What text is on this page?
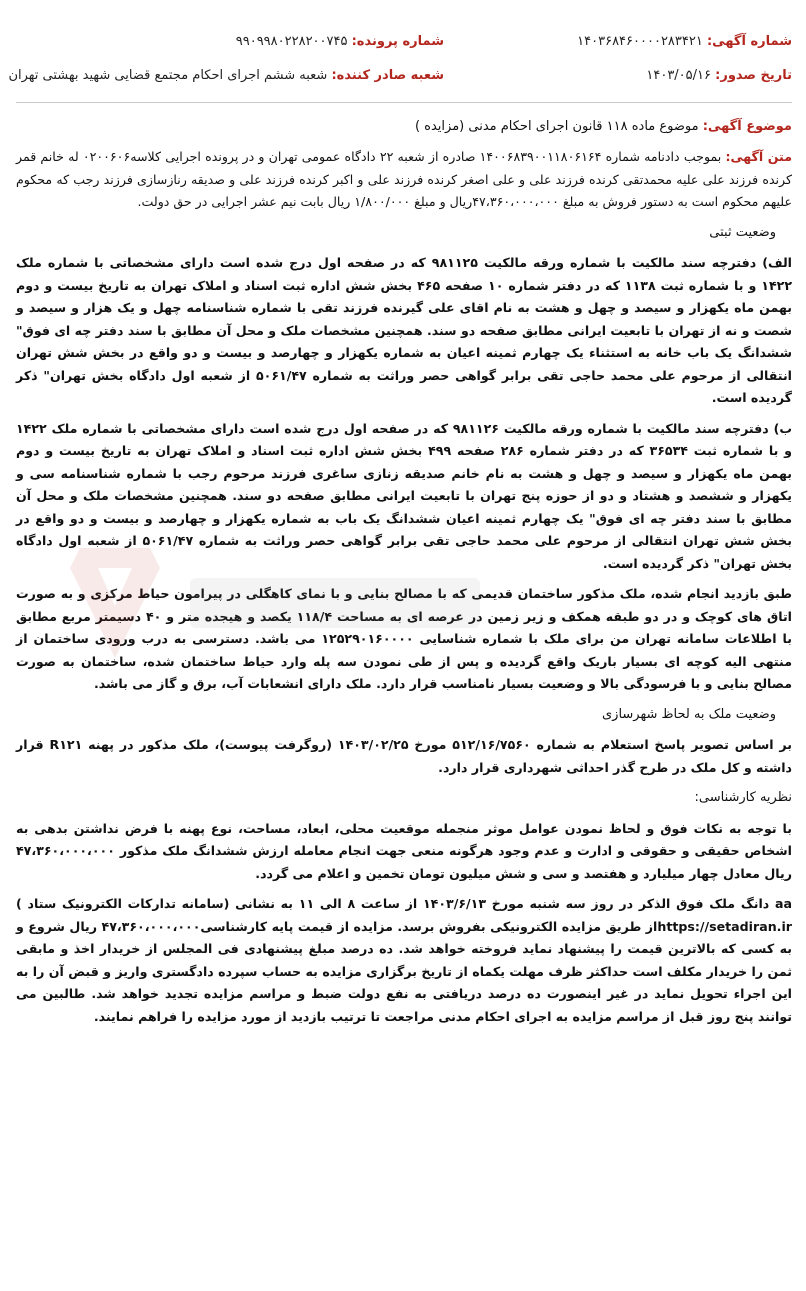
شماره آگهی: ۱۴۰۳۶۸۴۶۰۰۰۰۲۸۳۴۲۱
شماره پرونده: ۹۹۰۹۹۸۰۲۲۸۲۰۰۷۴۵
تاریخ صدور: ۱۴۰۳/۰۵/۱۶
شعبه صادر کننده: شعبه ششم اجرای احکام مجتمع قضایی شهید بهشتی تهران
موضوع آگهی: موضوع ماده ۱۱۸ قانون اجرای احکام مدنی (مزایده )

متن آگهی: بموجب دادنامه شماره ۱۴۰۰۶۸۳۹۰۰۱۱۸۰۶۱۶۴ صادره از شعبه ۲۲ دادگاه عمومی تهران و در پرونده اجرایی کلاسه۰۲۰۰۶۰۶ له خانم قمر کرنده فرزند علی علیه محمدتقی کرنده فرزند علی و علی اصغر کرنده فرزند علی و اکبر کرنده فرزند علی و صدیقه رنازسازی فرزند رجب که محکوم علیهم محکوم است به دستور فروش به مبلغ ۴۷،۳۶۰،۰۰۰،۰۰۰ریال و مبلغ ۱/۸۰۰/۰۰۰ ریال بابت نیم عشر اجرایی در حق دولت.

وضعیت ثبتی

الف) دفترچه سند مالکیت با شماره ورقه مالکیت ۹۸۱۱۲۵ که در صفحه اول درج شده است دارای مشخصاتی با شماره ملک ۱۴۲۲ و با شماره ثبت ۱۱۳۸ که در دفتر شماره ۱۰ صفحه ۴۶۵ بخش شش اداره ثبت اسناد و املاک تهران به تاریخ بیست و دوم بهمن ماه یکهزار و سیصد و چهل و هشت به نام اقای علی گیرنده فرزند تقی با شماره شناسنامه چهل و یک هزار و سیصد و شصت و نه از تهران با تابعیت ایرانی مطابق صفحه دو سند. همچنین مشخصات ملک و محل آن مطابق با سند دفتر چه ای فوق" ششدانگ یک باب خانه به استثناء یک چهارم ثمینه اعیان به شماره یکهزار و چهارصد و بیست و دو واقع در بخش شش تهران انتقالی از مرحوم علی محمد حاجی تقی برابر گواهی حصر وراثت به شماره ۵۰۶۱/۴۷ از شعبه اول دادگاه بخش تهران" ذکر گردیده است.

ب) دفترچه سند مالکیت با شماره ورقه مالکیت ۹۸۱۱۲۶ که در صفحه اول درج شده است دارای مشخصاتی با شماره ملک ۱۴۲۲ و با شماره ثبت ۳۶۵۳۴ که در دفتر شماره ۲۸۶ صفحه ۴۹۹ بخش شش اداره ثبت اسناد و املاک تهران به تاریخ بیست و دوم بهمن ماه یکهزار و سیصد و چهل و هشت به نام خانم صدیقه زنازی ساغری فرزند مرحوم رجب با شماره شناسنامه سی و یکهزار و ششصد و هشتاد و دو از حوزه پنج تهران با تابعیت ایرانی مطابق صفحه دو سند. همچنین مشخصات ملک و محل آن مطابق با سند دفتر چه ای فوق" یک چهارم ثمینه اعیان ششدانگ یک باب به شماره یکهزار و چهارصد و بیست و دو واقع در بخش شش تهران انتقالی از مرحوم علی محمد حاجی تقی برابر گواهی حصر وراثت به شماره ۵۰۶۱/۴۷ از شعبه اول دادگاه بخش تهران" ذکر گردیده است.

طبق بازدید انجام شده، ملک مذکور ساختمان قدیمی که با مصالح بنایی و با نمای کاهگلی در پیرامون حیاط مرکزی و به صورت اتاق های کوچک و در دو طبقه همکف و زیر زمین در عرصه ای به مساحت ۱۱۸/۴ یکصد و هیجده متر و ۴۰ دسیمتر مربع مطابق با اطلاعات سامانه تهران من برای ملک با شماره شناسایی ۱۲۵۲۹۰۱۶۰۰۰۰ می باشد. دسترسی به درب ورودی ساختمان از منتهی الیه کوچه ای بسیار باریک واقع گردیده و پس از طی نمودن سه پله وارد حیاط ساختمان شده، ساختمان به صورت مصالح بنایی و با فرسودگی بالا و وضعیت بسیار نامناسب قرار دارد. ملک دارای انشعابات آب، برق و گاز می باشد.

وضعیت ملک به لحاظ شهرسازی

بر اساس تصویر پاسخ استعلام به شماره ۵۱۲/۱۶/۷۵۶۰ مورخ ۱۴۰۳/۰۲/۲۵ (روگرفت پیوست)، ملک مذکور در پهنه R۱۲۱ قرار داشته و کل ملک در طرح گذر احداثی شهرداری قرار دارد.

نظریه کارشناسی:

با توجه به نکات فوق و لحاظ نمودن عوامل موثر منجمله موقعیت محلی، ابعاد، مساحت، نوع پهنه با فرض نداشتن بدهی به اشخاص حقیقی و حقوقی و ادارت و عدم وجود هرگونه منعی جهت انجام معامله ارزش ششدانگ ملک مذکور ۴۷،۳۶۰،۰۰۰،۰۰۰ ریال معادل چهار میلیارد و هفتصد و سی و شش میلیون تومان تخمین و اعلام می گردد.

aa دانگ ملک فوق الذکر در روز سه شنبه مورخ ۱۴۰۳/۶/۱۳ از ساعت ۸ الی ۱۱ به نشانی (سامانه تدارکات الکترونیک ستاد ) https://setadiran.irاز طریق مزایده الکترونیکی بفروش برسد. مزایده از قیمت پایه کارشناسی۴۷،۳۶۰،۰۰۰،۰۰۰ ریال شروع و به کسی که بالاترین قیمت را پیشنهاد نماید فروخته خواهد شد. ده درصد مبلغ پیشنهادی فی المجلس از خریدار اخذ و مابقی ثمن را خریدار مکلف است حداکثر ظرف مهلت یکماه از تاریخ برگزاری مزایده به حساب سپرده دادگستری واریز و قبض آن را به این اجراء تحویل نماید در غیر اینصورت ده درصد دریافتی به نفع دولت ضبط و مراسم مزایده تجدید خواهد شد. طالبین می توانند پنج روز قبل از مراسم مزایده به اجرای احکام مدنی مراجعت تا ترتیب بازدید از مورد مزایده را فراهم نمایند.
